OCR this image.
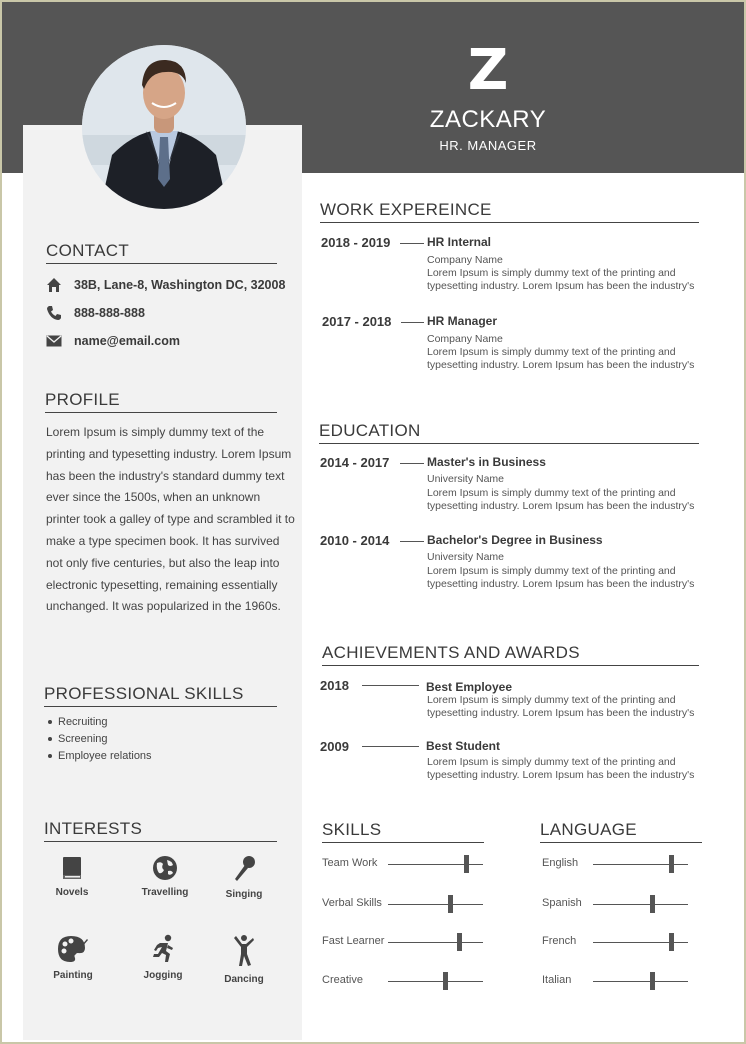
Z
ZACKARY
HR. MANAGER
CONTACT
38B, Lane-8, Washington DC, 32008
888-888-888
name@email.com
PROFILE
Lorem Ipsum is simply dummy text of the printing and typesetting industry. Lorem Ipsum has been the industry's standard dummy text ever since the 1500s, when an unknown printer took a galley of type and scrambled it to make a type specimen book. It has survived not only five centuries, but also the leap into electronic typesetting, remaining essentially unchanged. It was popularized in the 1960s.
PROFESSIONAL SKILLS
Recruiting
Screening
Employee relations
INTERESTS
Novels	Travelling	Singing
Painting	Jogging	Dancing
WORK EXPEREINCE
2018 - 2019	HR Internal
Company Name
Lorem Ipsum is simply dummy text of the printing and typesetting industry. Lorem Ipsum has been the industry's
2017 - 2018	HR Manager
Company Name
Lorem Ipsum is simply dummy text of the printing and typesetting industry. Lorem Ipsum has been the industry's
EDUCATION
2014 - 2017	Master's in Business
University Name
Lorem Ipsum is simply dummy text of the printing and typesetting industry. Lorem Ipsum has been the industry's
2010 - 2014	Bachelor's Degree in Business
University Name
Lorem Ipsum is simply dummy text of the printing and typesetting industry. Lorem Ipsum has been the industry's
ACHIEVEMENTS AND AWARDS
2018	Best Employee
Lorem Ipsum is simply dummy text of the printing and typesetting industry. Lorem Ipsum has been the industry's
2009	Best Student
Lorem Ipsum is simply dummy text of the printing and typesetting industry. Lorem Ipsum has been the industry's
SKILLS
Team Work
Verbal Skills
Fast Learner
Creative
LANGUAGE
English
Spanish
French
Italian
